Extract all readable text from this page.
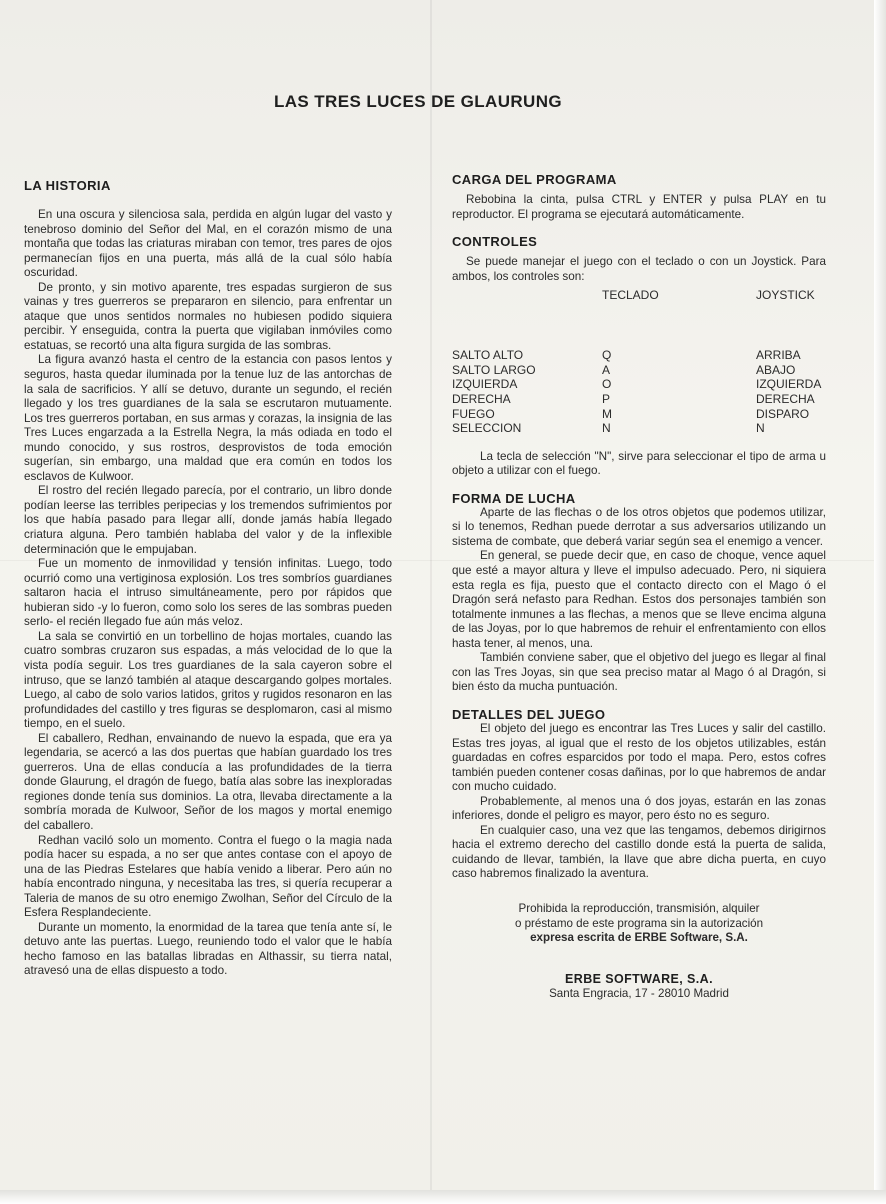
LAS TRES LUCES DE GLAURUNG

LA HISTORIA

En una oscura y silenciosa sala, perdida en algún lugar del vasto y tenebroso dominio del Señor del Mal, en el corazón mismo de una montaña que todas las criaturas miraban con temor, tres pares de ojos permanecían fijos en una puerta, más allá de la cual sólo había oscuridad.

De pronto, y sin motivo aparente, tres espadas surgieron de sus vainas y tres guerreros se prepararon en silencio, para enfrentar un ataque que unos sentidos normales no hubiesen podido siquiera percibir. Y enseguida, contra la puerta que vigilaban inmóviles como estatuas, se recortó una alta figura surgida de las sombras.

La figura avanzó hasta el centro de la estancia con pasos lentos y seguros, hasta quedar iluminada por la tenue luz de las antorchas de la sala de sacrificios. Y allí se detuvo, durante un segundo, el recién llegado y los tres guardianes de la sala se escrutaron mutuamente. Los tres guerreros portaban, en sus armas y corazas, la insignia de las Tres Luces engarzada a la Estrella Negra, la más odiada en todo el mundo conocido, y sus rostros, desprovistos de toda emoción sugerían, sin embargo, una maldad que era común en todos los esclavos de Kulwoor.

El rostro del recién llegado parecía, por el contrario, un libro donde podían leerse las terribles peripecias y los tremendos sufrimientos por los que había pasado para llegar allí, donde jamás había llegado criatura alguna. Pero también hablaba del valor y de la inflexible determinación que le empujaban.

Fue un momento de inmovilidad y tensión infinitas. Luego, todo ocurrió como una vertiginosa explosión. Los tres sombríos guardianes saltaron hacia el intruso simultáneamente, pero por rápidos que hubieran sido -y lo fueron, como solo los seres de las sombras pueden serlo- el recién llegado fue aún más veloz.

La sala se convirtió en un torbellino de hojas mortales, cuando las cuatro sombras cruzaron sus espadas, a más velocidad de lo que la vista podía seguir. Los tres guardianes de la sala cayeron sobre el intruso, que se lanzó también al ataque descargando golpes mortales. Luego, al cabo de solo varios latidos, gritos y rugidos resonaron en las profundidades del castillo y tres figuras se desplomaron, casi al mismo tiempo, en el suelo.

El caballero, Redhan, envainando de nuevo la espada, que era ya legendaria, se acercó a las dos puertas que habían guardado los tres guerreros. Una de ellas conducía a las profundidades de la tierra donde Glaurung, el dragón de fuego, batía alas sobre las inexploradas regiones donde tenía sus dominios. La otra, llevaba directamente a la sombría morada de Kulwoor, Señor de los magos y mortal enemigo del caballero.

Redhan vaciló solo un momento. Contra el fuego o la magia nada podía hacer su espada, a no ser que antes contase con el apoyo de una de las Piedras Estelares que había venido a liberar. Pero aún no había encontrado ninguna, y necesitaba las tres, si quería recuperar a Taleria de manos de su otro enemigo Zwolhan, Señor del Círculo de la Esfera Resplandeciente.

Durante un momento, la enormidad de la tarea que tenía ante sí, le detuvo ante las puertas. Luego, reuniendo todo el valor que le había hecho famoso en las batallas libradas en Althassir, su tierra natal, atravesó una de ellas dispuesto a todo.

CARGA DEL PROGRAMA

Rebobina la cinta, pulsa CTRL y ENTER y pulsa PLAY en tu reproductor. El programa se ejecutará automáticamente.

CONTROLES

Se puede manejar el juego con el teclado o con un Joystick. Para ambos, los controles son:

	TECLADO	JOYSTICK

SALTO ALTO	Q	ARRIBA
SALTO LARGO	A	ABAJO
IZQUIERDA	O	IZQUIERDA
DERECHA	P	DERECHA
FUEGO	M	DISPARO
SELECCION	N	N

La tecla de selección "N", sirve para seleccionar el tipo de arma u objeto a utilizar con el fuego.

FORMA DE LUCHA

Aparte de las flechas o de los otros objetos que podemos utilizar, si lo tenemos, Redhan puede derrotar a sus adversarios utilizando un sistema de combate, que deberá variar según sea el enemigo a vencer.

En general, se puede decir que, en caso de choque, vence aquel que esté a mayor altura y lleve el impulso adecuado. Pero, ni siquiera esta regla es fija, puesto que el contacto directo con el Mago ó el Dragón será nefasto para Redhan. Estos dos personajes también son totalmente inmunes a las flechas, a menos que se lleve encima alguna de las Joyas, por lo que habremos de rehuir el enfrentamiento con ellos hasta tener, al menos, una.

También conviene saber, que el objetivo del juego es llegar al final con las Tres Joyas, sin que sea preciso matar al Mago ó al Dragón, si bien ésto da mucha puntuación.

DETALLES DEL JUEGO

El objeto del juego es encontrar las Tres Luces y salir del castillo. Estas tres joyas, al igual que el resto de los objetos utilizables, están guardadas en cofres esparcidos por todo el mapa. Pero, estos cofres también pueden contener cosas dañinas, por lo que habremos de andar con mucho cuidado.

Probablemente, al menos una ó dos joyas, estarán en las zonas inferiores, donde el peligro es mayor, pero ésto no es seguro.

En cualquier caso, una vez que las tengamos, debemos dirigirnos hacia el extremo derecho del castillo donde está la puerta de salida, cuidando de llevar, también, la llave que abre dicha puerta, en cuyo caso habremos finalizado la aventura.

Prohibida la reproducción, transmisión, alquiler
o préstamo de este programa sin la autorización
expresa escrita de ERBE Software, S.A.
ERBE SOFTWARE, S.A.
Santa Engracia, 17 - 28010 Madrid
